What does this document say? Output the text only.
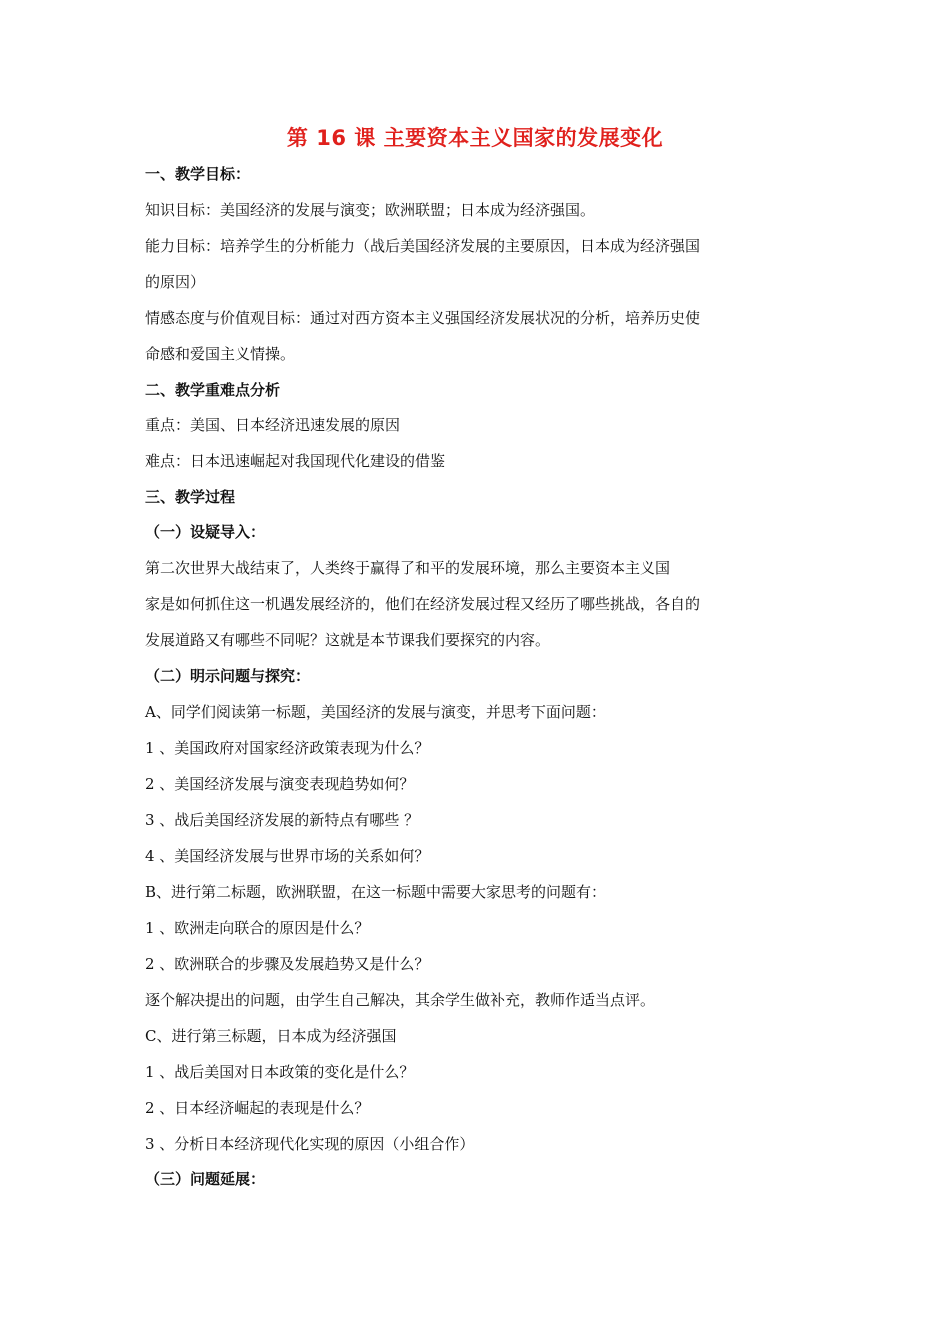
第 16 课 主要资本主义国家的发展变化
一、教学目标：
知识目标：美国经济的发展与演变；欧洲联盟；日本成为经济强国。
能力目标：培养学生的分析能力（战后美国经济发展的主要原因，日本成为经济强国
的原因）
情感态度与价值观目标：通过对西方资本主义强国经济发展状况的分析，培养历史使
命感和爱国主义情操。
二、教学重难点分析
重点：美国、日本经济迅速发展的原因
难点：日本迅速崛起对我国现代化建设的借鉴
三、教学过程
（一）设疑导入：
第二次世界大战结束了，人类终于赢得了和平的发展环境，那么主要资本主义国
家是如何抓住这一机遇发展经济的，他们在经济发展过程又经历了哪些挑战，各自的
发展道路又有哪些不同呢？这就是本节课我们要探究的内容。
（二）明示问题与探究：
A、同学们阅读第一标题，美国经济的发展与演变，并思考下面问题：
1 、美国政府对国家经济政策表现为什么？
2 、美国经济发展与演变表现趋势如何？
3 、战后美国经济发展的新特点有哪些 ？
4 、美国经济发展与世界市场的关系如何？
B、进行第二标题，欧洲联盟，在这一标题中需要大家思考的问题有：
1 、欧洲走向联合的原因是什么？
2 、欧洲联合的步骤及发展趋势又是什么？
逐个解决提出的问题，由学生自己解决，其余学生做补充，教师作适当点评。
C、进行第三标题，日本成为经济强国
1 、战后美国对日本政策的变化是什么？
2 、日本经济崛起的表现是什么？
3 、分析日本经济现代化实现的原因（小组合作）
（三）问题延展：
